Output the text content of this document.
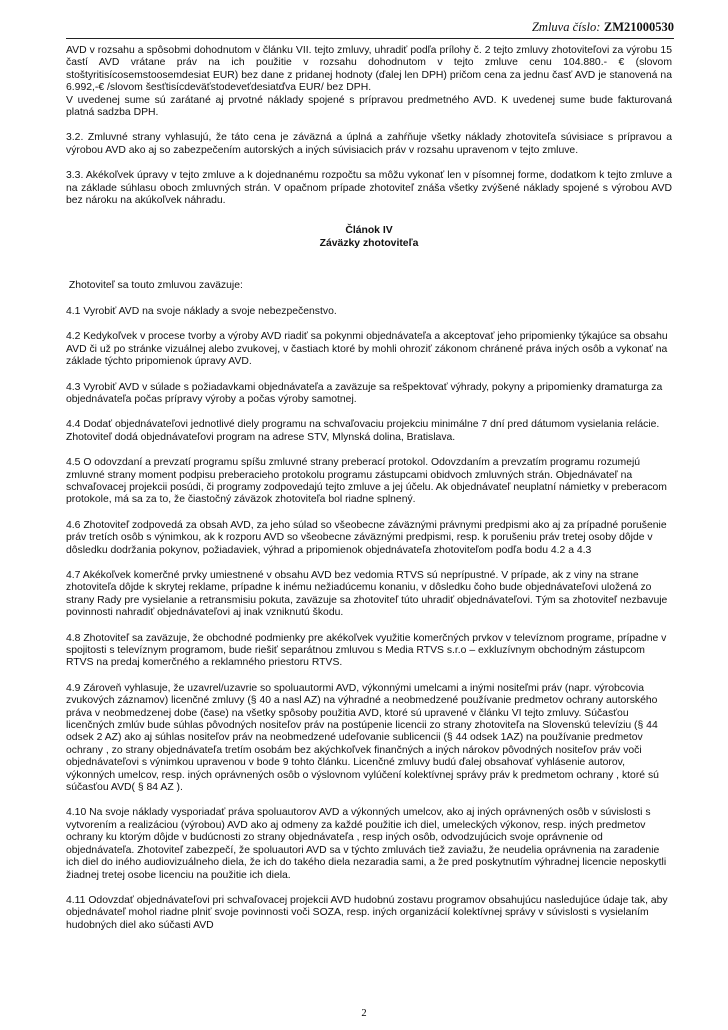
Zmluva číslo: ZM21000530

AVD v rozsahu a spôsobmi dohodnutom v článku VII. tejto zmluvy, uhradiť podľa prílohy č. 2 tejto zmluvy zhotoviteľovi za výrobu 15 častí AVD vrátane práv na ich použitie v rozsahu dohodnutom v tejto zmluve cenu 104.880.- € (slovom stoštyritisícosemstoosemdesiat EUR) bez dane z pridanej hodnoty (ďalej len DPH) pričom cena za jednu časť AVD je stanovená na 6.992,-€ /slovom šesťtisícdeväťstodeveťdesiatďva EUR/ bez DPH.
V uvedenej sume sú zarátané aj prvotné náklady spojené s prípravou predmetného AVD. K uvedenej sume bude fakturovaná platná sadzba DPH.

3.2. Zmluvné strany vyhlasujú, že táto cena je záväzná a úplná a zahŕňuje všetky náklady zhotoviteľa súvisiace s prípravou a výrobou AVD ako aj so zabezpečením autorských a iných súvisiacich práv v rozsahu upravenom v tejto zmluve.

3.3. Akékoľvek úpravy v tejto zmluve a k dojednanému rozpočtu sa môžu vykonať len v písomnej forme, dodatkom k tejto zmluve a na základe súhlasu oboch zmluvných strán. V opačnom prípade zhotoviteľ znáša všetky zvýšené náklady spojené s výrobou AVD bez nároku na akúkoľvek náhradu.

Článok IV
Záväzky zhotoviteľa

Zhotoviteľ sa touto zmluvou zaväzuje:

4.1 Vyrobiť AVD na svoje náklady a svoje nebezpečenstvo.

4.2 Kedykoľvek v procese tvorby a výroby AVD riadiť sa pokynmi objednávateľa a akceptovať jeho pripomienky týkajúce sa obsahu AVD či už po stránke vizuálnej alebo zvukovej, v častiach ktoré by mohli ohroziť zákonom chránené práva iných osôb a vykonať na základe týchto pripomienok úpravy AVD.

4.3 Vyrobiť AVD v súlade s požiadavkami objednávateľa a zaväzuje sa rešpektovať výhrady, pokyny a pripomienky dramaturga za objednávateľa počas prípravy výroby a počas výroby samotnej.

4.4 Dodať objednávateľovi jednotlivé diely programu na schvaľovaciu projekciu minimálne 7 dní pred dátumom vysielania relácie. Zhotoviteľ dodá objednávateľovi program na adrese STV, Mlynská dolina, Bratislava.

4.5 O odovzdaní a prevzatí programu spíšu zmluvné strany preberací protokol. Odovzdaním a prevzatím programu rozumejú zmluvné strany moment podpisu preberacieho protokolu programu zástupcami obidvoch zmluvných strán. Objednávateľ na schvaľovacej projekcii posúdi, či programy zodpovedajú tejto zmluve a jej účelu. Ak objednávateľ neuplatní námietky v preberacom protokole, má sa za to, že čiastočný záväzok zhotoviteľa bol riadne splnený.

4.6 Zhotoviteľ zodpovedá za obsah AVD, za jeho súlad so všeobecne záväznými právnymi predpismi ako aj za prípadné porušenie práv tretích osôb s výnimkou, ak k rozporu AVD so všeobecne záväznými predpismi, resp. k porušeniu práv tretej osoby dôjde v dôsledku dodržania pokynov, požiadaviek, výhrad a pripomienok objednávateľa zhotoviteľom podľa bodu 4.2 a 4.3

4.7 Akékoľvek komerčné prvky umiestnené v obsahu AVD bez vedomia RTVS sú neprípustné. V prípade, ak z viny na strane zhotoviteľa dôjde k skrytej reklame, prípadne k inému nežiadúcemu konaniu, v dôsledku čoho bude objednávateľovi uložená zo strany Rady pre vysielanie a retransmisiu pokuta, zaväzuje sa zhotoviteľ túto uhradiť objednávateľovi. Tým sa zhotoviteľ nezbavuje povinnosti nahradiť objednávateľovi aj inak vzniknutú škodu.

4.8 Zhotoviteľ sa zaväzuje, že obchodné podmienky pre akékoľvek využitie komerčných prvkov v televíznom programe, prípadne v spojitosti s televíznym programom, bude riešiť separátnou zmluvou s Media RTVS s.r.o – exkluzívnym obchodným zástupcom RTVS na predaj komerčného a reklamného priestoru RTVS.

4.9 Zároveň vyhlasuje, že uzavrel/uzavrie so spoluautormi AVD, výkonnými umelcami a inými nositeľmi práv (napr. výrobcovia zvukových záznamov) licenčné zmluvy (§ 40 a nasl AZ) na výhradné a neobmedzené používanie predmetov ochrany autorského práva v neobmedzenej dobe (čase) na všetky spôsoby použitia AVD, ktoré sú upravené v článku VI tejto zmluvy. Súčasťou licenčných zmlúv bude súhlas pôvodných nositeľov práv na postúpenie licencii zo strany zhotoviteľa na Slovenskú televíziu (§ 44 odsek 2 AZ) ako aj súhlas nositeľov práv na neobmedzené udeľovanie sublicencii (§ 44 odsek 1AZ) na používanie predmetov ochrany , zo strany objednávateľa tretím osobám bez akýchkoľvek finančných a iných nárokov pôvodných nositeľov práv voči objednávateľovi s výnimkou upravenou v bode 9 tohto článku. Licenčné zmluvy budú ďalej obsahovať vyhlásenie autorov, výkonných umelcov, resp. iných oprávnených osôb o výslovnom vylúčení kolektívnej správy práv k predmetom ochrany , ktoré sú súčasťou AVD( § 84 AZ ).

4.10 Na svoje náklady vysporiadať práva spoluautorov AVD a výkonných umelcov, ako aj iných oprávnených osôb v súvislosti s vytvorením a realizáciou (výrobou) AVD ako aj odmeny za každé použitie ich diel, umeleckých výkonov, resp. iných predmetov ochrany ku ktorým dôjde v budúcnosti zo strany objednávateľa , resp iných osôb, odvodzujúcich svoje oprávnenie od objednávateľa. Zhotoviteľ zabezpečí, že spoluautori AVD sa v týchto zmluvách tiež zaviažu, že neudelia oprávnenia na zaradenie ich diel do iného audiovizuálneho diela, že ich do takého diela nezaradia sami, a že pred poskytnutím výhradnej licencie neposkytli žiadnej tretej osobe licenciu na použitie ich diela.

4.11 Odovzdať objednávateľovi pri schvaľovacej projekcii AVD hudobnú zostavu programov obsahujúcu nasledujúce údaje tak, aby objednávateľ mohol riadne plniť svoje povinnosti voči SOZA, resp. iných organizácií kolektívnej správy v súvislosti s vysielaním hudobných diel ako súčasti AVD

2
